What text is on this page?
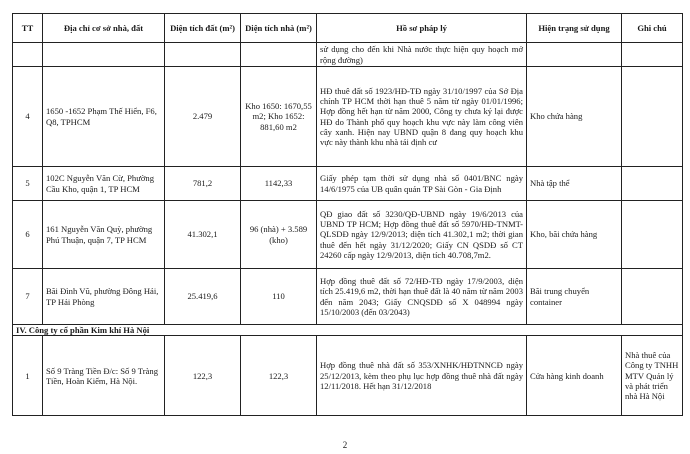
TT	Địa chỉ cơ sở nhà, đất	Diện tích đất (m²)	Diện tích nhà (m²)	Hồ sơ pháp lý	Hiện trạng sử dụng	Ghi chú
				sử dụng cho đến khi Nhà nước thực hiện quy hoạch mở rộng đường)		
4	1650 -1652 Phạm Thế Hiển, F6, Q8, TPHCM	2.479	Kho 1650: 1670,55 m2; Kho 1652: 881,60 m2	HĐ thuê đất số 1923/HĐ-TĐ ngày 31/10/1997 của Sở Địa chính TP HCM thời hạn thuê 5 năm từ ngày 01/01/1996; Hợp đồng hết hạn từ năm 2000, Công ty chưa ký lại được HĐ do Thành phố quy hoạch khu vực này làm công viên cây xanh. Hiện nay UBND quận 8 đang quy hoạch khu vực này thành khu nhà tái định cư	Kho chứa hàng	
5	102C Nguyễn Văn Cừ, Phường Cầu Kho, quận 1, TP HCM	781,2	1142,33	Giấy phép tạm thời sử dụng nhà số 0401/BNC ngày 14/6/1975 của UB quân quản TP Sài Gòn - Gia Định	Nhà tập thể	
6	161 Nguyễn Văn Quỳ, phường Phú Thuận, quận 7, TP HCM	41.302,1	96 (nhà) + 3.589 (kho)	QĐ giao đất số 3230/QĐ-UBND ngày 19/6/2013 của UBND TP HCM; Hợp đồng thuê đất số 5970/HĐ-TNMT-QLSDĐ ngày 12/9/2013; diện tích 41.302,1 m2; thời gian thuê đến hết ngày 31/12/2020; Giấy CN QSDĐ số CT 24260 cấp ngày 12/9/2013, diện tích 40.708,7m2.	Kho, bãi chứa hàng	
7	Bãi Đình Vũ, phường Đông Hải, TP Hải Phòng	25.419,6	110	Hợp đồng thuê đất số 72/HĐ-TĐ ngày 17/9/2003, diện tích 25.419,6 m2, thời hạn thuê đất là 40 năm từ năm 2003 đến năm 2043; Giấy CNQSDĐ số X 048994 ngày 15/10/2003 (đến 03/2043)	Bãi trung chuyển container	
IV. Công ty cổ phần Kim khí Hà Nội						
1	Số 9 Tràng Tiền Đ/c: Số 9 Tràng Tiền, Hoàn Kiếm, Hà Nội.	122,3	122,3	Hợp đồng thuê nhà đất số 353/XNHK/HĐTNNCĐ ngày 25/12/2013, kèm theo phụ lục hợp đồng thuê nhà đất ngày 12/11/2018. Hết hạn 31/12/2018	Cửa hàng kinh doanh	Nhà thuê của Công ty TNHH MTV Quản lý và phát triển nhà Hà Nội
2
